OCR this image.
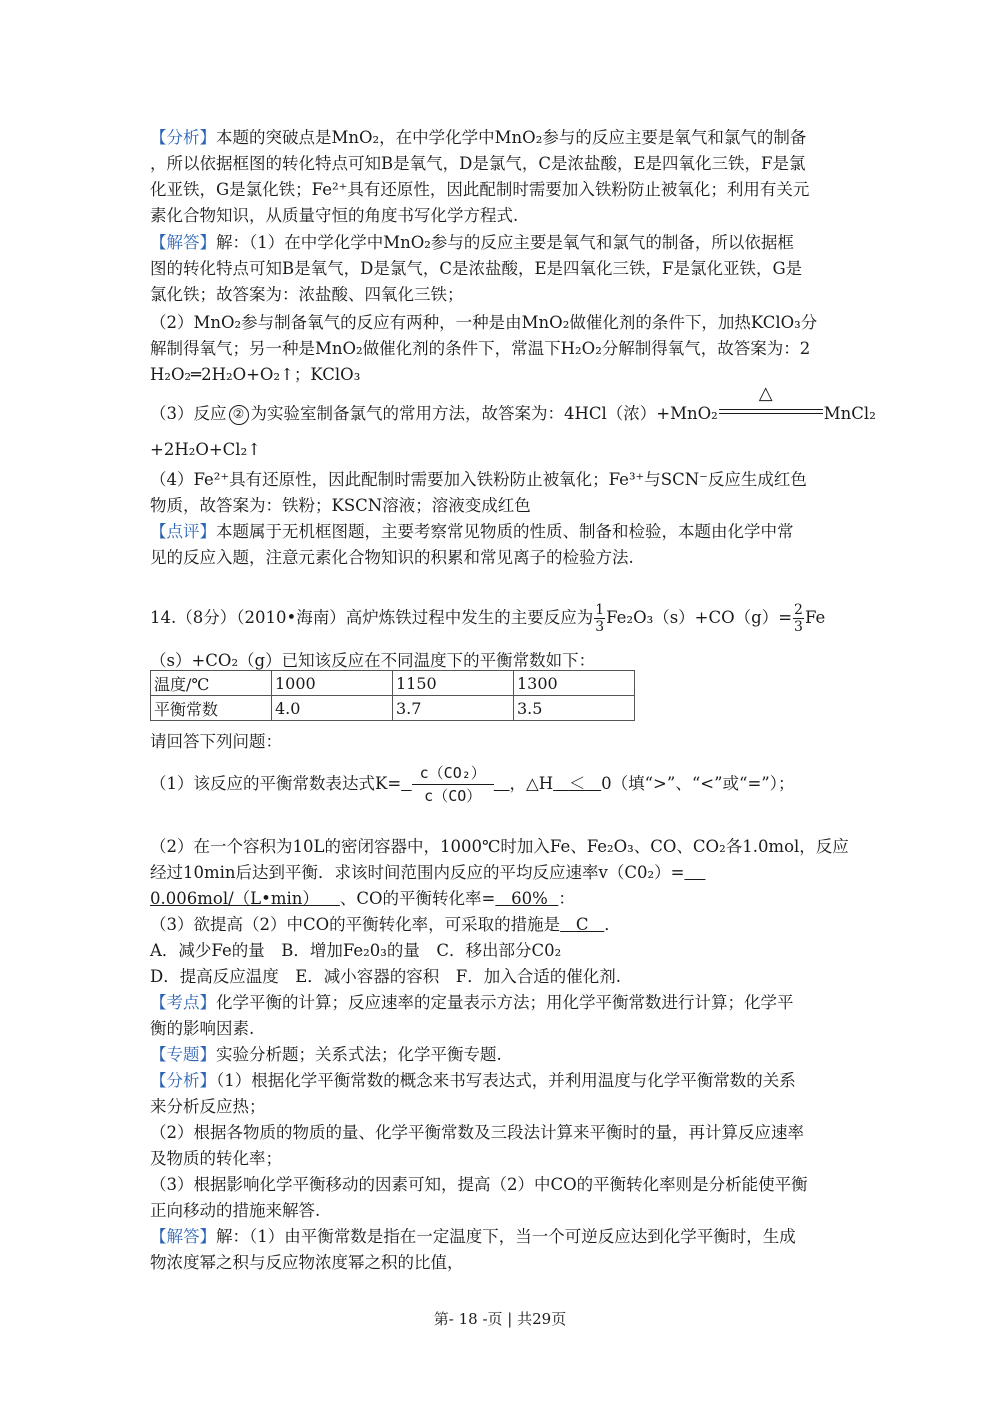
【分析】本题的突破点是MnO₂，在中学化学中MnO₂参与的反应主要是氧气和氯气的制备
，所以依据框图的转化特点可知B是氧气，D是氯气，C是浓盐酸，E是四氧化三铁，F是氯
化亚铁，G是氯化铁；Fe²⁺具有还原性，因此配制时需要加入铁粉防止被氧化；利用有关元
素化合物知识，从质量守恒的角度书写化学方程式.
【解答】解：（1）在中学化学中MnO₂参与的反应主要是氧气和氯气的制备，所以依据框
图的转化特点可知B是氧气，D是氯气，C是浓盐酸，E是四氧化三铁，F是氯化亚铁，G是
氯化铁；故答案为：浓盐酸、四氧化三铁；
（2）MnO₂参与制备氧气的反应有两种，一种是由MnO₂做催化剂的条件下，加热KClO₃分
解制得氧气；另一种是MnO₂做催化剂的条件下，常温下H₂O₂分解制得氧气，故答案为：2
H₂O₂═2H₂O+O₂↑；KClO₃
（3）反应 ② 为实验室制备氯气的常用方法，故答案为：4HCl（浓）+MnO₂
△
MnCl₂
+2H₂O+Cl₂↑
（4）Fe²⁺具有还原性，因此配制时需要加入铁粉防止被氧化；Fe³⁺与SCN⁻反应生成红色
物质，故答案为：铁粉；KSCN溶液；溶液变成红色
【点评】本题属于无机框图题，主要考察常见物质的性质、制备和检验，本题由化学中常
见的反应入题，注意元素化合物知识的积累和常见离子的检验方法.
14.（8分）（2010•海南）高炉炼铁过程中发生的主要反应为 $\frac{1}{3} Fe_2O_3(s)+CO(g)= \frac{2}{3}$ Fe
（s）+CO₂（g）已知该反应在不同温度下的平衡常数如下：
温度/℃	1000	1150	1300
平衡常数	4.0	3.7	3.5
请回答下列问题：
（1）该反应的平衡常数表达式$K= \frac{\text{c（CO₂）}}{c(CO)}$ ，△H ＜ 0（填“>”、“<”或“=”）；
（2）在一个容积为10L的密闭容器中，1000℃时加入Fe、Fe₂O₃、CO、CO₂各1.0mol，反应
经过10min后达到平衡．求该时间范围内反应的平均反应速率v（C0₂）=
0.006mol/（L•min） 、CO的平衡转化率= 60% ：
（3）欲提高（2）中CO的平衡转化率，可采取的措施是 C ．
A．减少Fe的量　B．增加Fe₂0₃的量　C．移出部分C0₂
D．提高反应温度　E．减小容器的容积　F．加入合适的催化剂.
【考点】化学平衡的计算；反应速率的定量表示方法；用化学平衡常数进行计算；化学平
衡的影响因素.
【专题】实验分析题；关系式法；化学平衡专题.
【分析】（1）根据化学平衡常数的概念来书写表达式，并利用温度与化学平衡常数的关系
来分析反应热；
（2）根据各物质的物质的量、化学平衡常数及三段法计算来平衡时的量，再计算反应速率
及物质的转化率；
（3）根据影响化学平衡移动的因素可知，提高（2）中CO的平衡转化率则是分析能使平衡
正向移动的措施来解答.
【解答】解：（1）由平衡常数是指在一定温度下，当一个可逆反应达到化学平衡时，生成
物浓度幂之积与反应物浓度幂之积的比值，
第- 18 -页 | 共29页
